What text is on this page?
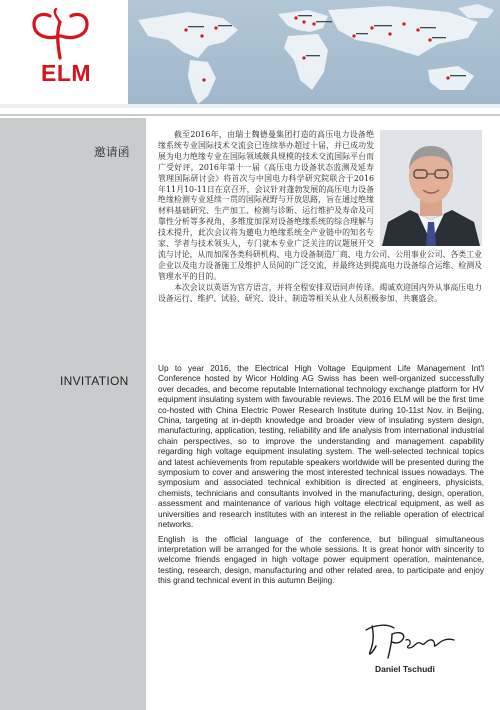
ELM
邀请函
INVITATION

截至2016年，由瑞士魏德曼集团打造的高压电力设备绝缘系统专业国际技术交流会已连续举办超过十届，并已成功发展为电力绝缘专业在国际领域颇具规模的技术交流国际平台而广受好评。2016年第十一届《高压电力设备状态监测及延寿管理国际研讨会》将首次与中国电力科学研究院联合于2016年11月10-11日在京召开，会议针对蓬勃发展的高压电力设备绝缘检测专业延续一贯的国际视野与开放思路，旨在通过绝缘材料基础研究、生产加工、检测与诊断、运行维护及寿命及可靠性分析等多视角、多维度加深对设备绝缘系统的综合理解与技术提升，此次会议将为邀电力绝缘系统全产业链中的知名专家、学者与技术领头人，专门就本专业广泛关注的议题展开交流与讨论，从而加深各类科研机构、电力设备制造厂商、电力公司、公用事业公司、各类工业企业以及电力设备施工及维护人员间的广泛交流，并最终达到提高电力设备综合运维、检测及管理水平的目的。

本次会议以英语为官方语言，并将全程安排双语同声传译。竭诚欢迎国内外从事高压电力设备运行、维护、试验、研究、设计、制造等相关从业人员积极参加、共襄盛会。

Up to year 2016, the Electrical High Voltage Equipment Life Management Int'l Conference hosted by Wicor Holding AG Swiss has been well-organized successfully over decades, and become reputable International technology exchange platform for HV equipment insulating system with favourable reviews. The 2016 ELM will be the first time co-hosted with China Electric Power Research Institute during 10-11st Nov. in Beijing, China, targeting at in-depth knowledge and broader view of insulating system design, manufacturing, application, testing, reliability and life analysis from international industrial chain perspectives, so to improve the understanding and management capability regarding high voltage equipment insulating system. The well-selected technical topics and latest achievements from reputable speakers worldwide will be presented during the symposium to cover and answering the most interested technical issues nowadays. The symposium and associated technical exhibition is directed at engineers, physicists, chemists, technicians and consultants involved in the manufacturing, design, operation, assessment and maintenance of various high voltage electrical equipment, as well as universities and research institutes with an interest in the reliable operation of electrical networks.

English is the official language of the conference, but bilingual simultaneous interpretation will be arranged for the whole sessions. It is great honor with sincerity to welcome friends engaged in high voltage power equipment operation, maintenance, testing, research, design, manufacturing and other related area, to participate and enjoy this grand technical event in this autumn Beijing.

Daniel Tschudi
